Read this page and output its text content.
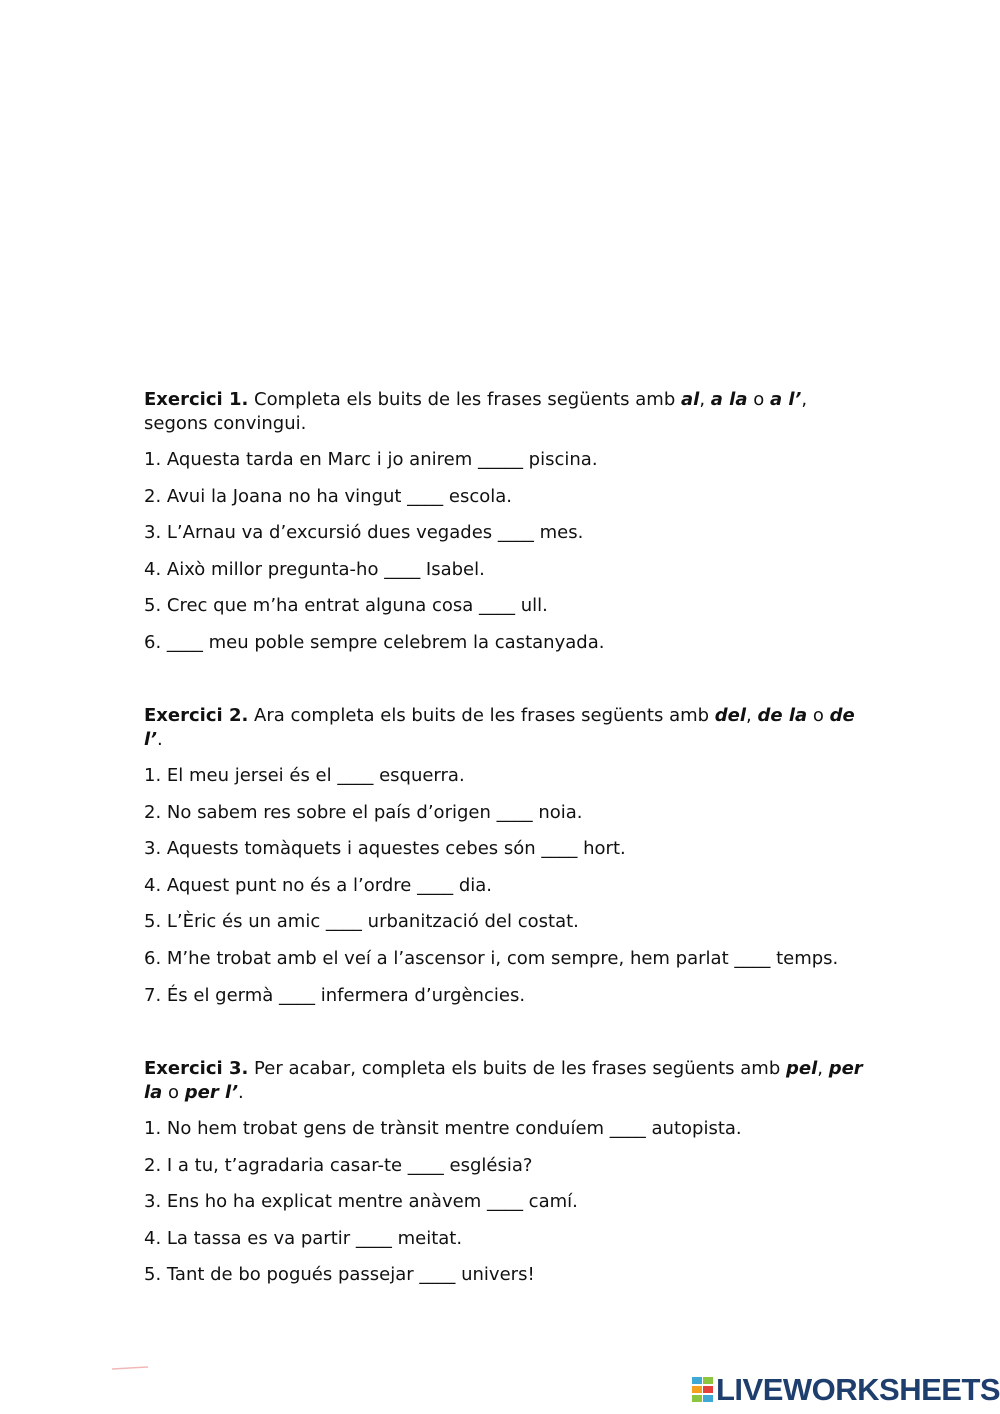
Exercici 1. Completa els buits de les frases següents amb al, a la o a l’, segons convingui.

1. Aquesta tarda en Marc i jo anirem _____ piscina.
2. Avui la Joana no ha vingut ____ escola.
3. L’Arnau va d’excursió dues vegades ____ mes.
4. Això millor pregunta-ho ____ Isabel.
5. Crec que m’ha entrat alguna cosa ____ ull.
6. ____ meu poble sempre celebrem la castanyada.

Exercici 2. Ara completa els buits de les frases següents amb del, de la o de l’.

1. El meu jersei és el ____ esquerra.
2. No sabem res sobre el país d’origen ____ noia.
3. Aquests tomàquets i aquestes cebes són ____ hort.
4. Aquest punt no és a l’ordre ____ dia.
5. L’Èric és un amic ____ urbanització del costat.
6. M’he trobat amb el veí a l’ascensor i, com sempre, hem parlat ____ temps.
7. És el germà ____ infermera d’urgències.

Exercici 3. Per acabar, completa els buits de les frases següents amb pel, per la o per l’.

1. No hem trobat gens de trànsit mentre conduíem ____ autopista.
2. I a tu, t’agradaria casar-te ____ església?
3. Ens ho ha explicat mentre anàvem ____ camí.
4. La tassa es va partir ____ meitat.
5. Tant de bo pogués passejar ____ univers!
LIVEWORKSHEETS
